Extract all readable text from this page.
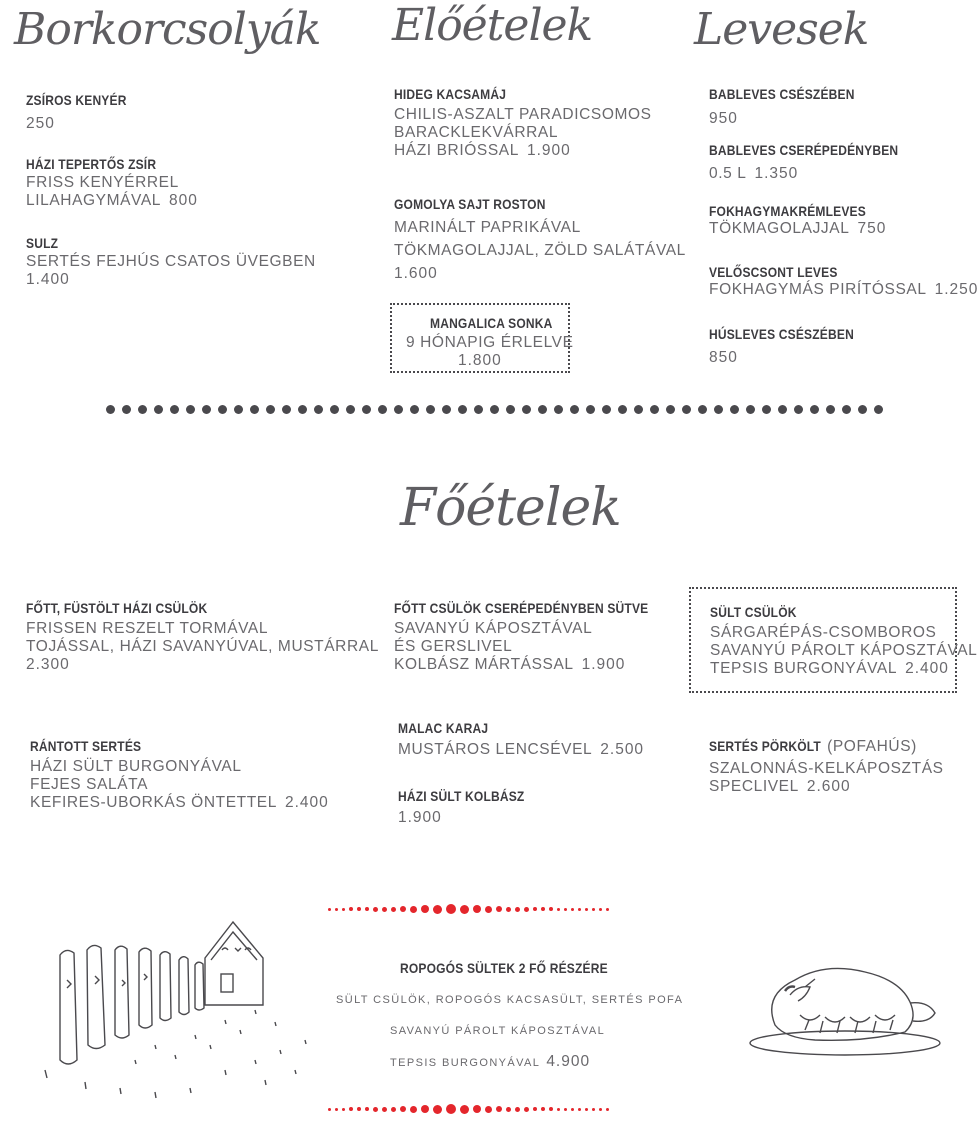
Borkorcsolyák Előételek Levesek
ZSÍROS KENYÉR
250
HÁZI TEPERTŐS ZSÍR
FRISS KENYÉRREL
LILAHAGYMÁVAL 800
SULZ
SERTÉS FEJHÚS CSATOS ÜVEGBEN
1.400
HIDEG KACSAMÁJ
CHILIS-ASZALT PARADICSOMOS
BARACKLEKVÁRRAL
HÁZI BRIÓSSAL 1.900
GOMOLYA SAJT ROSTON
MARINÁLT PAPRIKÁVAL
TÖKMAGOLAJJAL, ZÖLD SALÁTÁVAL
1.600
MANGALICA SONKA
9 HÓNAPIG ÉRLELVE
1.800
BABLEVES CSÉSZÉBEN
950
BABLEVES CSERÉPEDÉNYBEN
0.5 L 1.350
FOKHAGYMAKRÉMLEVES
TÖKMAGOLAJJAL 750
VELŐSCSONT LEVES
FOKHAGYMÁS PIRÍTÓSSAL 1.250
HÚSLEVES CSÉSZÉBEN
850
Főételek
FŐTT, FÜSTÖLT HÁZI CSÜLÖK
FRISSEN RESZELT TORMÁVAL
TOJÁSSAL, HÁZI SAVANYÚVAL, MUSTÁRRAL
2.300
FŐTT CSÜLÖK CSERÉPEDÉNYBEN SÜTVE
SAVANYÚ KÁPOSZTÁVAL
ÉS GERSLIVEL
KOLBÁSZ MÁRTÁSSAL 1.900
SÜLT CSÜLÖK
SÁRGARÉPÁS-CSOMBOROS
SAVANYÚ PÁROLT KÁPOSZTÁVAL
TEPSIS BURGONYÁVAL 2.400
RÁNTOTT SERTÉS
HÁZI SÜLT BURGONYÁVAL
FEJES SALÁTA
KEFIRES-UBORKÁS ÖNTETTEL 2.400
MALAC KARAJ
MUSTÁROS LENCSÉVEL 2.500
HÁZI SÜLT KOLBÁSZ
1.900
SERTÉS PÖRKÖLT (POFAHÚS)
SZALONNÁS-KELKÁPOSZTÁS
SPECLIVEL 2.600
ROPOGÓS SÜLTEK 2 FŐ RÉSZÉRE
SÜLT CSÜLÖK, ROPOGÓS KACSASÜLT, SERTÉS POFA
SAVANYÚ PÁROLT KÁPOSZTÁVAL
TEPSIS BURGONYÁVAL 4.900
